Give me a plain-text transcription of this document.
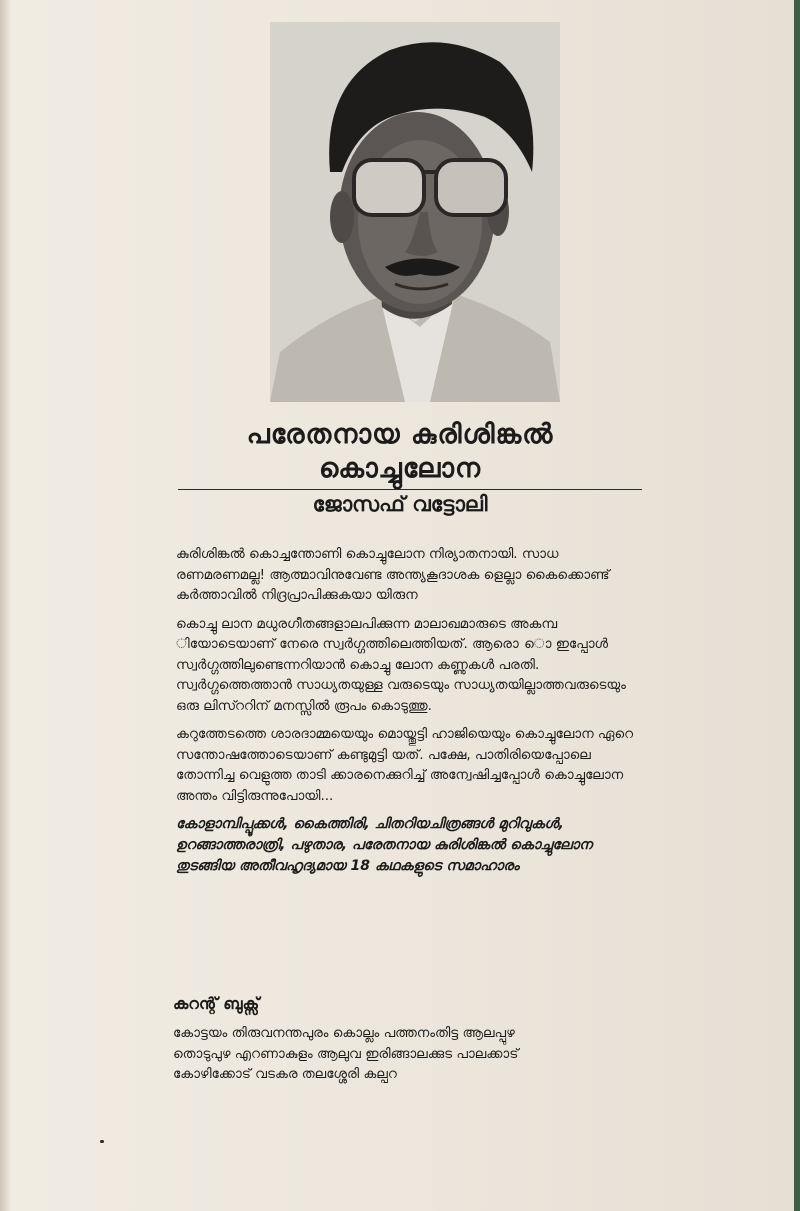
പരേതനായ കുരിശിങ്കൽ
കൊച്ചുലോന
ജോസഫ് വട്ടോലി

കുരിശിങ്കൽ കൊച്ചന്തോണി കൊച്ചുലോന നിര്യാതനായി. സാധ രണമരണമല്ല! ആത്മാവിനുവേണ്ട അന്ത്യകൂദാശക ളെല്ലാ കൈക്കൊണ്ട് കർത്താവിൽ നിദ്രപ്രാപിക്കുകയാ യിരുന

കൊച്ചു ലാന മധുരഗീതങ്ങളാലപിക്കുന്ന മാലാഖമാരുടെ അകമ്പ ിയോടെയാണ് നേരെ സ്വർഗ്ഗത്തിലെത്തിയത്. ആരൊ ൊ ഇപ്പോൾ സ്വർഗ്ഗത്തിലുണ്ടെന്നറിയാൻ കൊച്ചു ലോന കണ്ണുകൾ പരതി. സ്വർഗ്ഗത്തെത്താൻ സാധ്യതയുള്ള വരുടെയും സാധ്യതയില്ലാത്തവരുടെയും ഒരു ലിസ്ററിന് മനസ്സിൽ രൂപം കൊടുത്തു.

കറുത്തേടത്തെ ശാരദാമ്മയെയും മൊയ്തൂട്ടി ഹാജിയെയും കൊച്ചുലോന ഏറെ സന്തോഷത്തോടെയാണ് കണ്ടുമുട്ടി യത്. പക്ഷേ, പാതിരിയെപ്പോലെ തോന്നിച്ച വെളുത്ത താടി ക്കാരനെക്കുറിച്ച് അന്വേഷിച്ചപ്പോൾ കൊച്ചുലോന അന്തം വിട്ടിരുന്നുപോയി...

കോളാമ്പിപ്പൂക്കൾ, കൈത്തിരി, ചിതറിയചിത്രങ്ങൾ മുറിവുകൾ, ഉറങ്ങാത്തരാത്രി, പഴുതാര, പരേതനായ കുരിശിങ്കൽ കൊച്ചുലോന തുടങ്ങിയ അതീവഹൃദ്യമായ 18 കഥകളുടെ സമാഹാരം

കറന്റ് ബുക്സ്
കോട്ടയം തിരുവനന്തപുരം കൊല്ലം പത്തനംതിട്ട ആലപ്പുഴ
തൊടുപുഴ എറണാകുളം ആലുവ ഇരിങ്ങാലക്കുട പാലക്കാട്
കോഴിക്കോട് വടകര തലശ്ശേരി കല്പറ
